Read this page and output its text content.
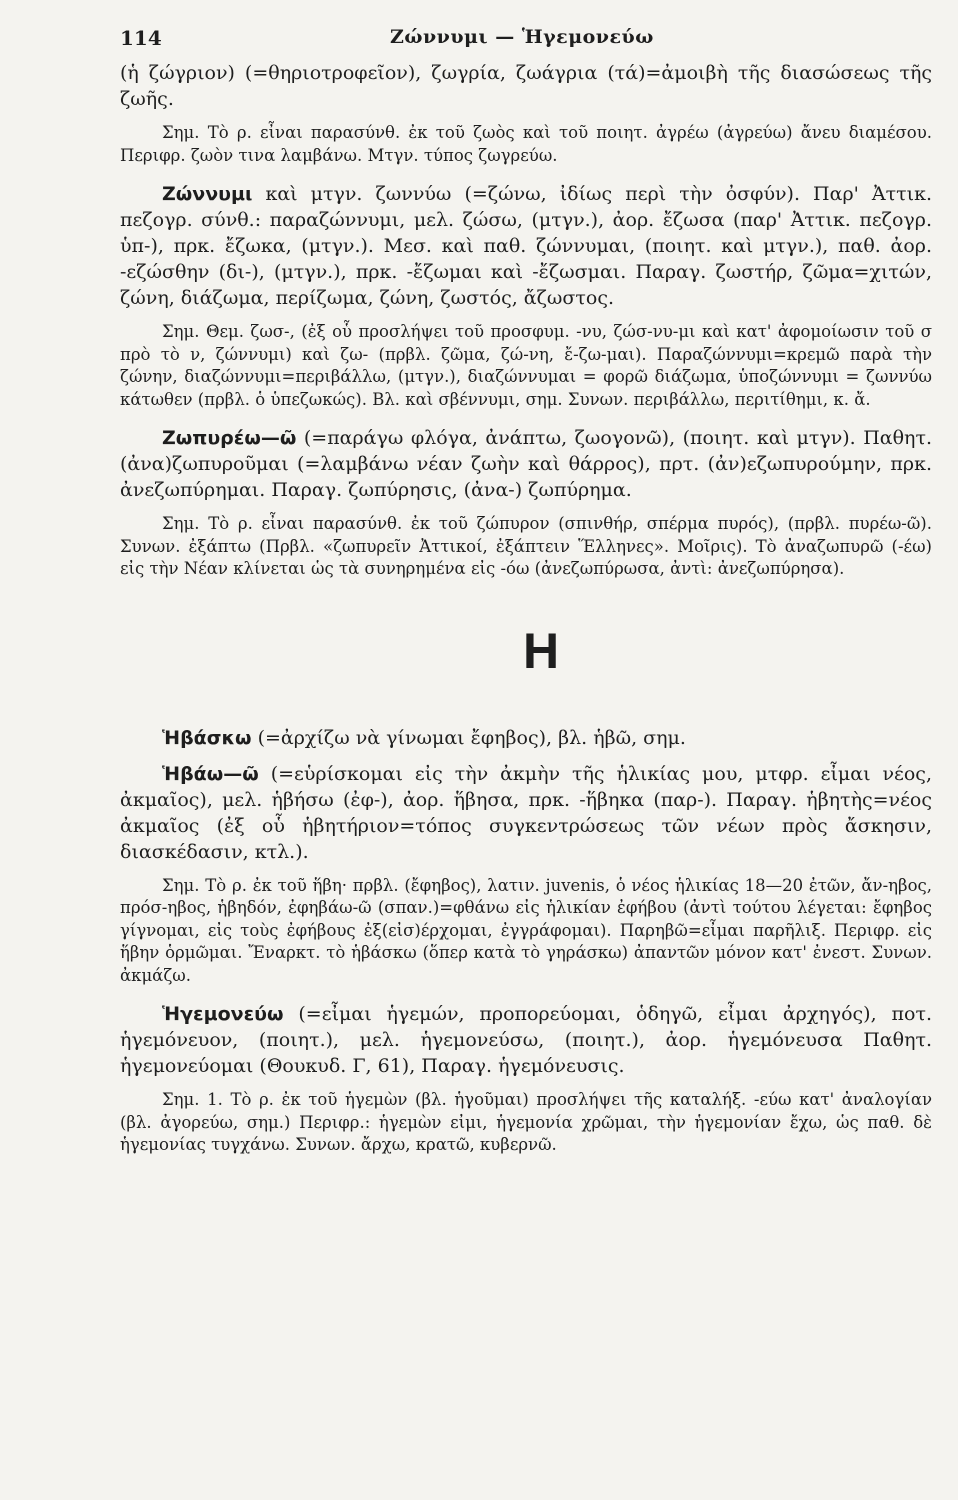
114	Ζώννυμι — Ἡγεμονεύω

(ἡ ζώγριον) (=θηριοτροφεῖον), ζωγρία, ζωάγρια (τά)=ἀμοιβὴ τῆς διασώσεως τῆς ζωῆς.

Σημ. Τὸ ρ. εἶναι παρασύνθ. ἐκ τοῦ ζωὸς καὶ τοῦ ποιητ. ἀγρέω (ἀγρεύω) ἄνευ διαμέσου. Περιφρ. ζωὸν τινα λαμβάνω. Μτγν. τύπος ζωγρεύω.

Ζώννυμι καὶ μτγν. ζωννύω (=ζώνω, ἰδίως περὶ τὴν ὀσφύν). Παρ' Ἀττικ. πεζογρ. σύνθ.: παραζώννυμι, μελ. ζώσω, (μτγν.), ἀορ. ἔζωσα (παρ' Ἀττικ. πεζογρ. ὑπ-), πρκ. ἔζωκα, (μτγν.). Μεσ. καὶ παθ. ζώννυμαι, (ποιητ. καὶ μτγν.), παθ. ἀορ. -εζώσθην (δι-), (μτγν.), πρκ. -ἔζωμαι καὶ -ἔζωσμαι. Παραγ. ζωστήρ, ζῶμα=χιτών, ζώνη, διάζωμα, περίζωμα, ζώνη, ζωστός, ἄζωστος.

Σημ. Θεμ. ζωσ-, (ἐξ οὗ προσλήψει τοῦ προσφυμ. -νυ, ζώσ-νυ-μι καὶ κατ' ἀφομοίωσιν τοῦ σ πρὸ τὸ ν, ζώννυμι) καὶ ζω- (πρβλ. ζῶμα, ζώ-νη, ἔ-ζω-μαι). Παραζώννυμι=κρεμῶ παρὰ τὴν ζώνην, διαζώννυμι=περιβάλλω, (μτγν.), διαζώννυμαι = φορῶ διάζωμα, ὑποζώννυμι = ζωννύω κάτωθεν (πρβλ. ὁ ὑπεζωκώς). Βλ. καὶ σβέννυμι, σημ. Συνων. περιβάλλω, περιτίθημι, κ. ἄ.

Ζωπυρέω—ῶ (=παράγω φλόγα, ἀνάπτω, ζωογονῶ), (ποιητ. καὶ μτγν). Παθητ. (ἀνα)ζωπυροῦμαι (=λαμβάνω νέαν ζωὴν καὶ θάρρος), πρτ. (ἀν)εζωπυρούμην, πρκ. ἀνεζωπύρημαι. Παραγ. ζωπύρησις, (ἀνα-) ζωπύρημα.

Σημ. Τὸ ρ. εἶναι παρασύνθ. ἐκ τοῦ ζώπυρον (σπινθήρ, σπέρμα πυρός), (πρβλ. πυρέω-ῶ). Συνων. ἐξάπτω (Πρβλ. «ζωπυρεῖν Ἀττικοί, ἐξάπτειν Ἕλληνες». Μοῖρις). Τὸ ἀναζωπυρῶ (-έω) εἰς τὴν Νέαν κλίνεται ὡς τὰ συνηρημένα εἰς -όω (ἀνεζωπύρωσα, ἀντὶ: ἀνεζωπύρησα).

Η

Ἡβάσκω (=ἀρχίζω νὰ γίνωμαι ἔφηβος), βλ. ἡβῶ, σημ.

Ἡβάω—ῶ (=εὑρίσκομαι εἰς τὴν ἀκμὴν τῆς ἡλικίας μου, μτφρ. εἶμαι νέος, ἀκμαῖος), μελ. ἡβήσω (ἐφ-), ἀορ. ἥβησα, πρκ. -ἥβηκα (παρ-). Παραγ. ἡβητὴς=νέος ἀκμαῖος (ἐξ οὗ ἡβητήριον=τόπος συγκεντρώσεως τῶν νέων πρὸς ἄσκησιν, διασκέδασιν, κτλ.).

Σημ. Τὸ ρ. ἐκ τοῦ ἥβη· πρβλ. (ἔφηβος), λατιν. juvenis, ὁ νέος ἡλικίας 18—20 ἐτῶν, ἄν-ηβος, πρόσ-ηβος, ἡβηδόν, ἐφηβάω-ῶ (σπαν.)=φθάνω εἰς ἡλικίαν ἐφήβου (ἀντὶ τούτου λέγεται: ἔφηβος γίγνομαι, εἰς τοὺς ἐφήβους ἐξ(εἰσ)έρχομαι, ἐγγράφομαι). Παρηβῶ=εἶμαι παρῆλιξ. Περιφρ. εἰς ἥβην ὁρμῶμαι. Ἔναρκτ. τὸ ἡβάσκω (ὅπερ κατὰ τὸ γηράσκω) ἀπαντῶν μόνον κατ' ἐνεστ. Συνων. ἀκμάζω.

Ἡγεμονεύω (=εἶμαι ἡγεμών, προπορεύομαι, ὁδηγῶ, εἶμαι ἀρχηγός), ποτ. ἡγεμόνευον, (ποιητ.), μελ. ἡγεμονεύσω, (ποιητ.), ἀορ. ἡγεμόνευσα Παθητ. ἡγεμονεύομαι (Θουκυδ. Γ, 61), Παραγ. ἡγεμόνευσις.

Σημ. 1. Τὸ ρ. ἐκ τοῦ ἡγεμὼν (βλ. ἡγοῦμαι) προσλήψει τῆς καταλήξ. -εύω κατ' ἀναλογίαν (βλ. ἀγορεύω, σημ.) Περιφρ.: ἡγεμὼν εἰμι, ἡγεμονία χρῶμαι, τὴν ἡγεμονίαν ἔχω, ὡς παθ. δὲ ἡγεμονίας τυγχάνω. Συνων. ἄρχω, κρατῶ, κυβερνῶ.
